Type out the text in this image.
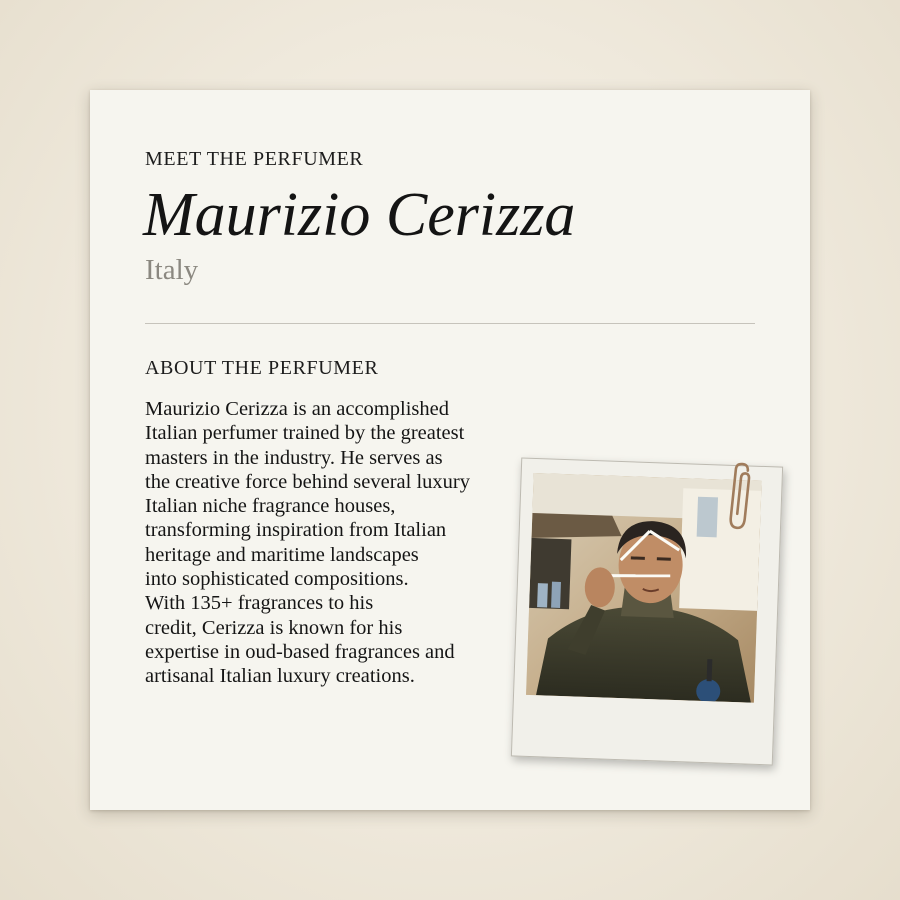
MEET THE PERFUMER
Maurizio Cerizza
Italy
ABOUT THE PERFUMER
Maurizio Cerizza is an accomplished
Italian perfumer trained by the greatest
masters in the industry. He serves as
the creative force behind several luxury
Italian niche fragrance houses,
transforming inspiration from Italian
heritage and maritime landscapes
into sophisticated compositions.
With 135+ fragrances to his
credit, Cerizza is known for his
expertise in oud-based fragrances and
artisanal Italian luxury creations.
